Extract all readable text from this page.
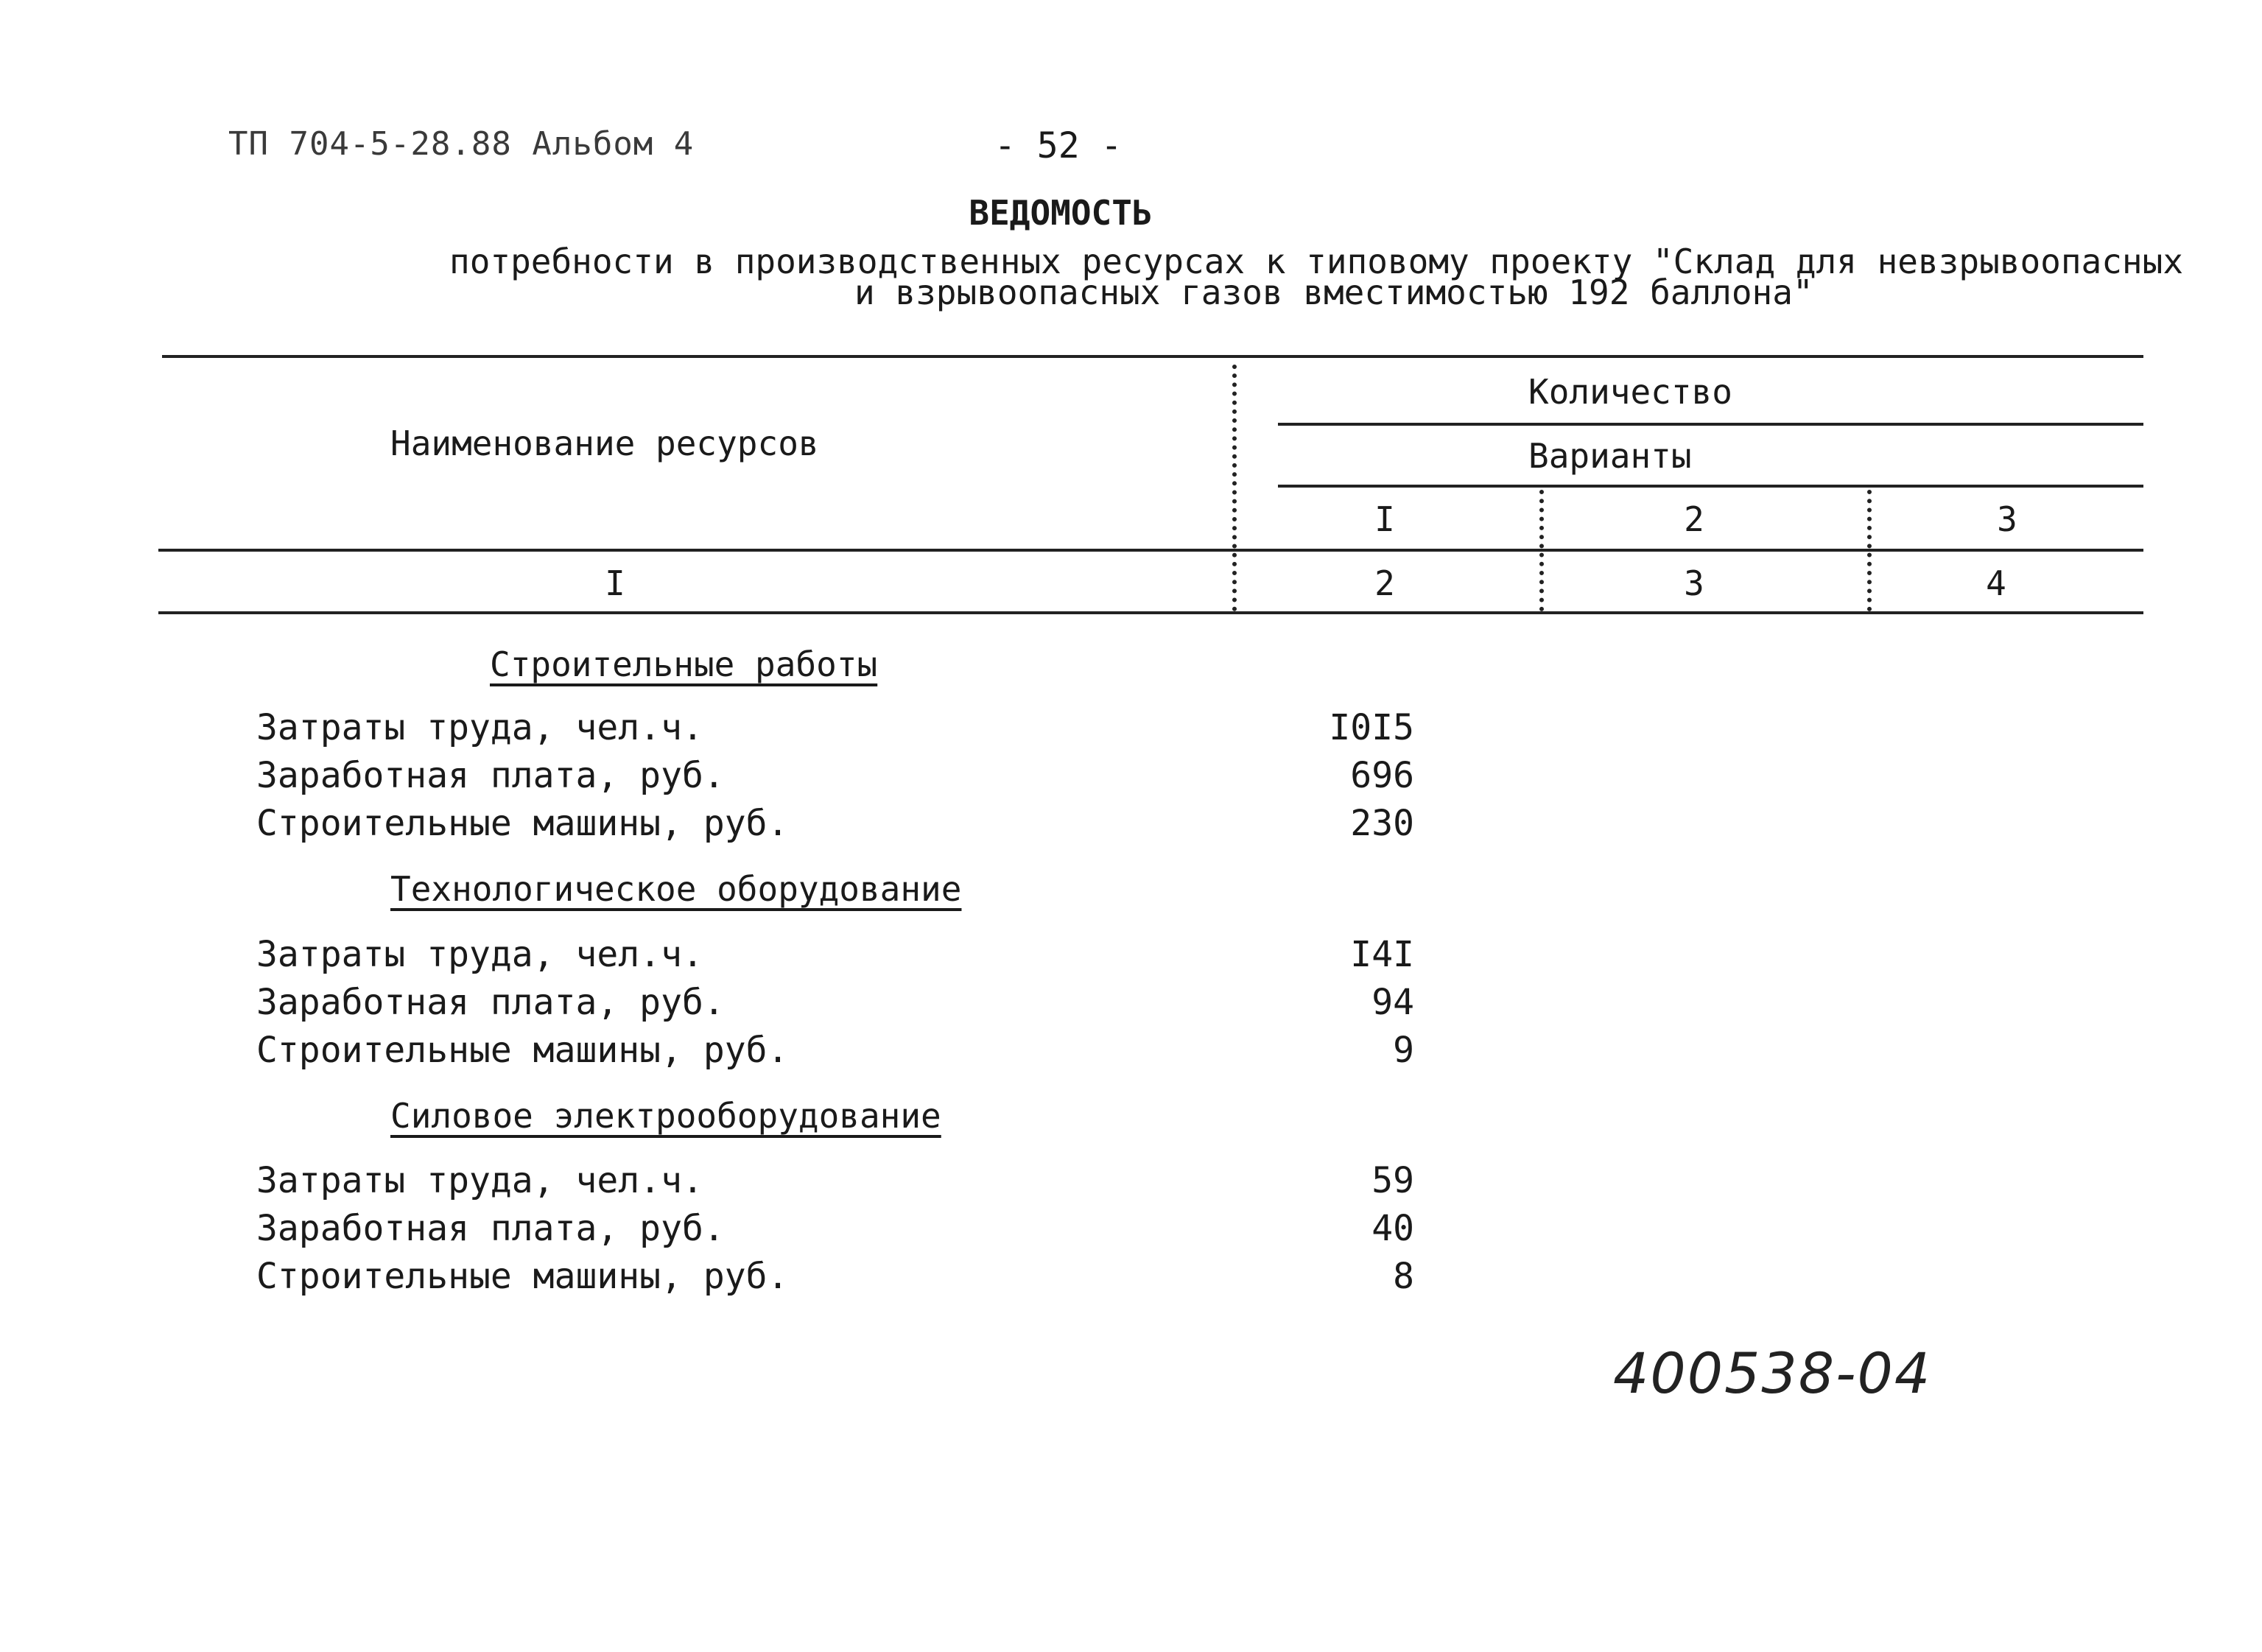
ТП 704-5-28.88 Альбом 4	- 52 -
ВЕДОМОСТЬ
потребности в производственных ресурсах к типовому проекту "Склад для невзрывоопасных
и взрывоопасных газов вместимостью 192 баллона"
Наименование ресурсов
Количество
Варианты
I	2	3
I	2	3	4
Строительные работы
Затраты труда, чел.ч.	I0I5
Заработная плата, руб.	696
Строительные машины, руб.	230
Технологическое оборудование
Затраты труда, чел.ч.	I4I
Заработная плата, руб.	94
Строительные машины, руб.	9
Силовое электрооборудование
Затраты труда, чел.ч.	59
Заработная плата, руб.	40
Строительные машины, руб.	8
400538-04
